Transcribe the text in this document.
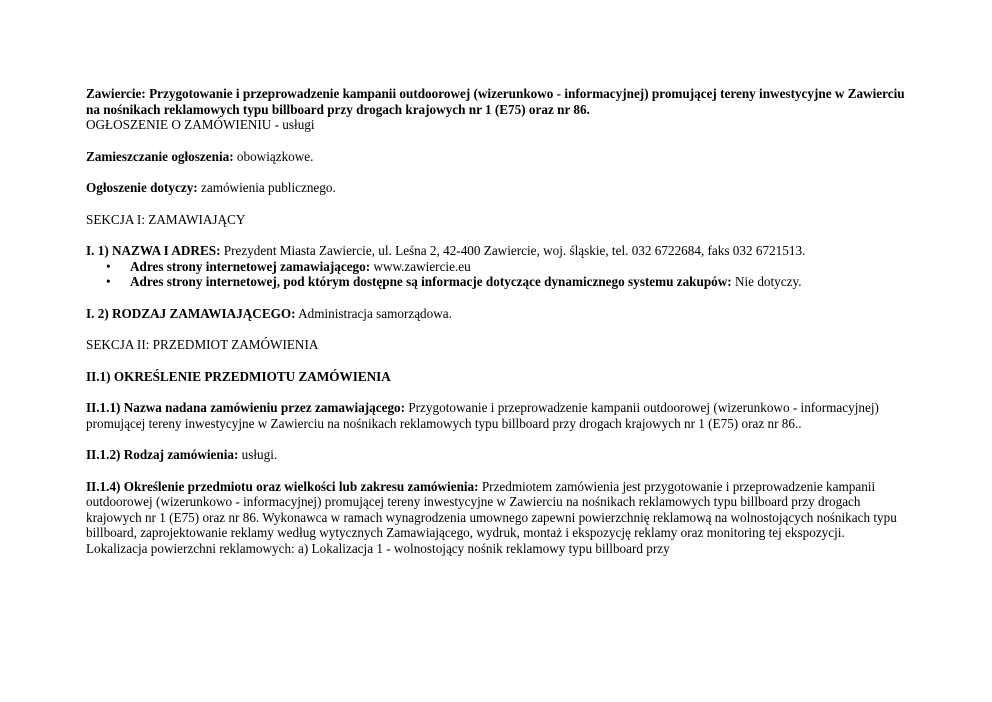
Zawiercie: Przygotowanie i przeprowadzenie kampanii outdoorowej (wizerunkowo - informacyjnej) promującej tereny inwestycyjne w Zawierciu na nośnikach reklamowych typu billboard przy drogach krajowych nr 1 (E75) oraz nr 86.
OGŁOSZENIE O ZAMÓWIENIU - usługi

Zamieszczanie ogłoszenia: obowiązkowe.

Ogłoszenie dotyczy: zamówienia publicznego.

SEKCJA I: ZAMAWIAJĄCY

I. 1) NAZWA I ADRES: Prezydent Miasta Zawiercie, ul. Leśna 2, 42-400 Zawiercie, woj. śląskie, tel. 032 6722684, faks 032 6721513.

• Adres strony internetowej zamawiającego: www.zawiercie.eu
• Adres strony internetowej, pod którym dostępne są informacje dotyczące dynamicznego systemu zakupów: Nie dotyczy.

I. 2) RODZAJ ZAMAWIAJĄCEGO: Administracja samorządowa.

SEKCJA II: PRZEDMIOT ZAMÓWIENIA

II.1) OKREŚLENIE PRZEDMIOTU ZAMÓWIENIA

II.1.1) Nazwa nadana zamówieniu przez zamawiającego: Przygotowanie i przeprowadzenie kampanii outdoorowej (wizerunkowo - informacyjnej) promującej tereny inwestycyjne w Zawierciu na nośnikach reklamowych typu billboard przy drogach krajowych nr 1 (E75) oraz nr 86..

II.1.2) Rodzaj zamówienia: usługi.

II.1.4) Określenie przedmiotu oraz wielkości lub zakresu zamówienia: Przedmiotem zamówienia jest przygotowanie i przeprowadzenie kampanii outdoorowej (wizerunkowo - informacyjnej) promującej tereny inwestycyjne w Zawierciu na nośnikach reklamowych typu billboard przy drogach krajowych nr 1 (E75) oraz nr 86. Wykonawca w ramach wynagrodzenia umownego zapewni powierzchnię reklamową na wolnostojących nośnikach typu billboard, zaprojektowanie reklamy według wytycznych Zamawiającego, wydruk, montaż i ekspozycję reklamy oraz monitoring tej ekspozycji. Lokalizacja powierzchni reklamowych: a) Lokalizacja 1 - wolnostojący nośnik reklamowy typu billboard przy
